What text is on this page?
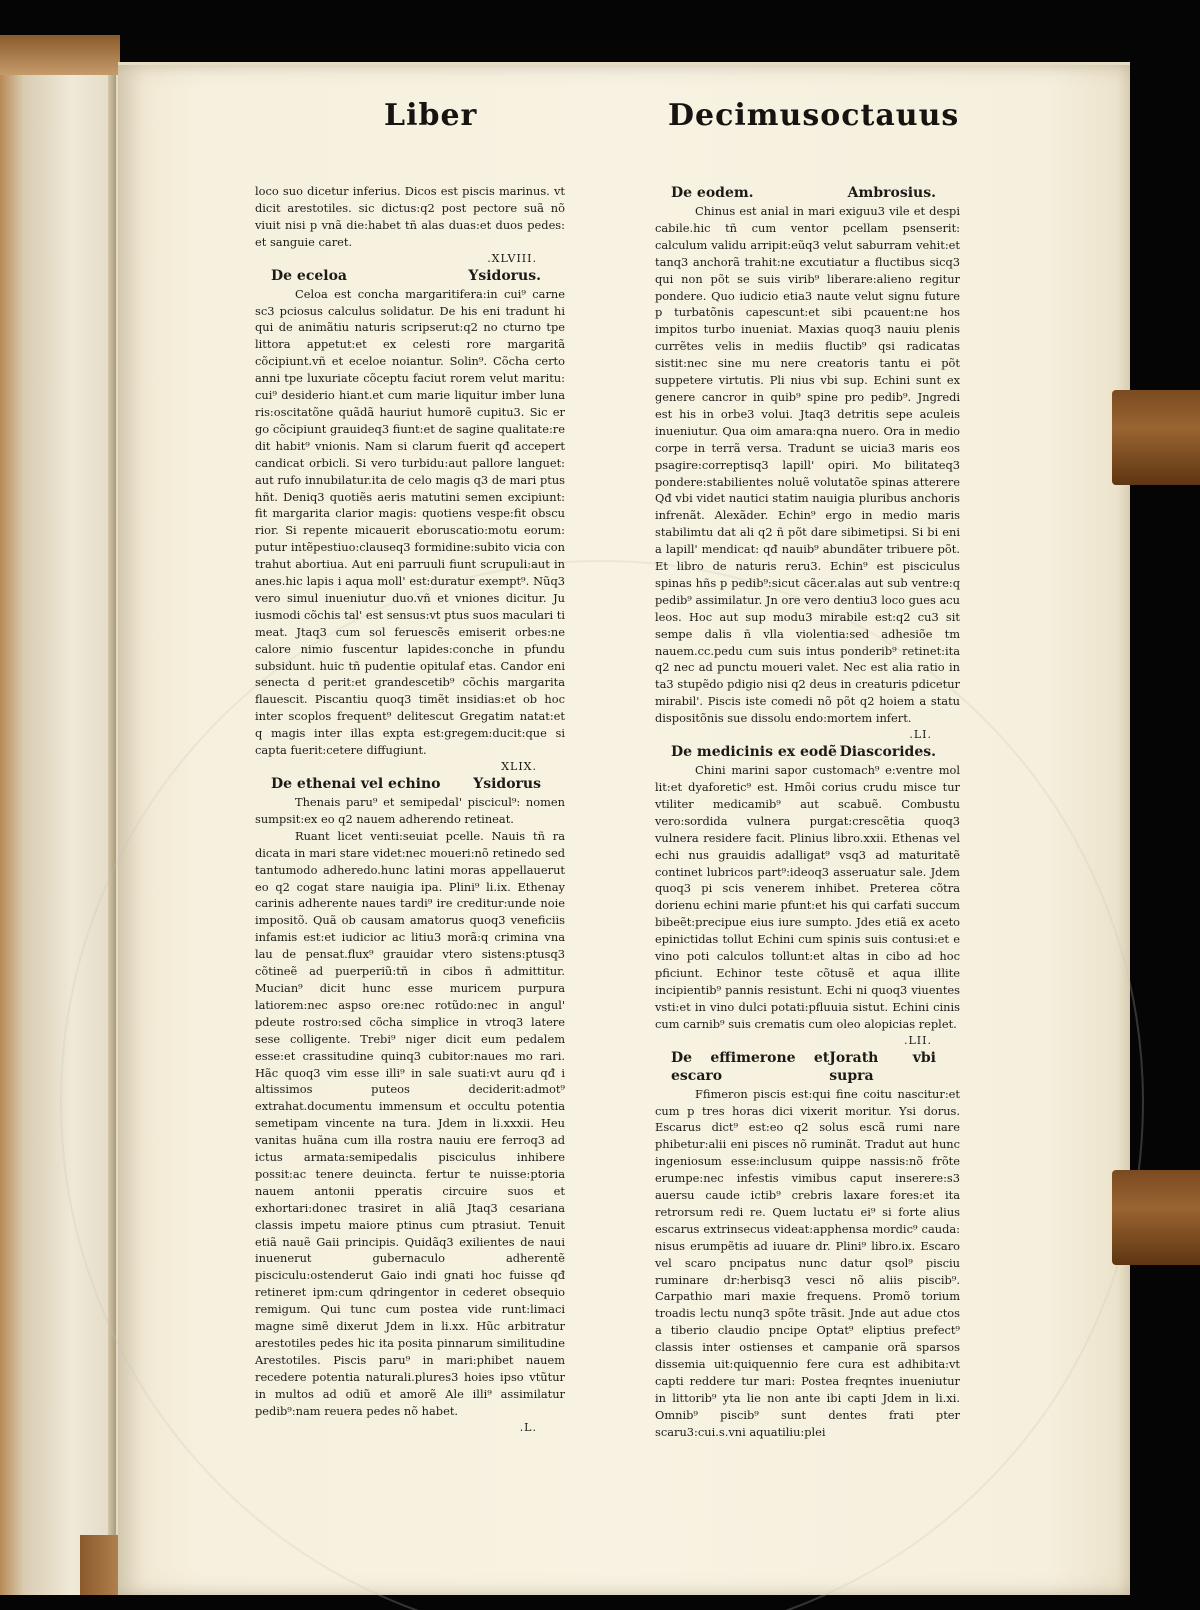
Liber	Decimusoctauus

loco suo dicetur inferius. Dicos est piscis marinus. vt dicit arestotiles. sic dictus:q2 post pectore suã nõ viuit nisi p vnã die:habet tñ alas duas:et duos pedes: et sanguie caret.

.XLVIII.
De eceloa	Ysidorus.

Celoa est concha margaritifera:in cui⁹ carne sc3 pciosus calculus solidatur. De his eni tradunt hi qui de animãtiu naturis scripserut:q2 no cturno tpe littora appetut:et ex celesti rore margaritã cõcipiunt.vñ et eceloe noiantur. Solin⁹. Cõcha certo anni tpe luxuriate cõceptu faciut rorem velut maritu: cui⁹ desiderio hiant.et cum marie liquitur imber luna ris:oscitatõne quãdã hauriut humorẽ cupitu3. Sic er go cõcipiunt grauideq3 fiunt:et de sagine qualitate:re dit habit⁹ vnionis. Nam si clarum fuerit qđ accepert candicat orbicli. Si vero turbidu:aut pallore languet: aut rufo innubilatur.ita de celo magis q3 de mari ptus hñt. Deniq3 quotiẽs aeris matutini semen excipiunt: fit margarita clarior magis: quotiens vespe:fit obscu rior. Si repente micauerit eboruscatio:motu eorum: putur intẽpestiuo:clauseq3 formidine:subito vicia con trahut abortiua. Aut eni parruuli fiunt scrupuli:aut in anes.hic lapis i aqua moll' est:duratur exempt⁹. Nũq3 vero simul inueniutur duo.vñ et vniones dicitur. Ju iusmodi cõchis tal' est sensus:vt ptus suos maculari ti meat. Jtaq3 cum sol feruescẽs emiserit orbes:ne calore nimio fuscentur lapides:conche in pfundu subsidunt. huic tñ pudentie opitulaf etas. Candor eni senecta d perit:et grandescetib⁹ cõchis margarita flauescit. Piscantiu quoq3 timẽt insidias:et ob hoc inter scoplos frequent⁹ delitescut Gregatim natat:et q magis inter illas expta est:gregem:ducit:que si capta fuerit:cetere diffugiunt.

XLIX.
De ethenai vel echino Ysidorus

Thenais paru⁹ et semipedal' piscicul⁹: nomen sumpsit:ex eo q2 nauem adherendo retineat.

Ruant licet venti:seuiat pcelle. Nauis tñ ra dicata in mari stare videt:nec moueri:nõ retinedo sed tantumodo adheredo.hunc latini moras appellauerut eo q2 cogat stare nauigia ipa. Plini⁹ li.ix. Ethenay carinis adherente naues tardi⁹ ire creditur:unde noie impositõ. Quã ob causam amatorus quoq3 veneficiis infamis est:et iudicior ac litiu3 morã:q crimina vna lau de pensat.flux⁹ grauidar vtero sistens:ptusq3 cõtineẽ ad puerperiũ:tñ in cibos ñ admittitur. Mucian⁹ dicit hunc esse muricem purpura latiorem:nec aspso ore:nec rotũdo:nec in angul' pdeute rostro:sed cõcha simplice in vtroq3 latere sese colligente. Trebi⁹ niger dicit eum pedalem esse:et crassitudine quinq3 cubitor:naues mo rari. Hãc quoq3 vim esse illi⁹ in sale suati:vt auru qđ i altissimos puteos deciderit:admot⁹ extrahat.documentu immensum et occultu potentia semetipam vincente na tura. Jdem in li.xxxii. Heu vanitas huãna cum illa rostra nauiu ere ferroq3 ad ictus armata:semipedalis pisciculus inhibere possit:ac tenere deuincta. fertur te nuisse:ptoria nauem antonii pperatis circuire suos et exhortari:donec trasiret in aliã Jtaq3 cesariana classis impetu maiore ptinus cum ptrasiut. Tenuit etiã nauẽ Gaii principis. Quidãq3 exilientes de naui inuenerut gubernaculo adherentẽ pisciculu:ostenderut Gaio indi gnati hoc fuisse qđ retineret ipm:cum qdringentor in cederet obsequio remigum. Qui tunc cum postea vide runt:limaci magne simẽ dixerut Jdem in li.xx. Hũc arbitratur arestotiles pedes hic ita posita pinnarum similitudine Arestotiles. Piscis paru⁹ in mari:phibet nauem recedere potentia naturali.plures3 hoies ipso vtũtur in multos ad odiũ et amorẽ Ale illi⁹ assimilatur pedib⁹:nam reuera pedes nõ habet.

.L.
De eodem.	Ambrosius.

Chinus est anial in mari exiguu3 vile et despi cabile.hic tñ cum ventor pcellam psenserit: calculum validu arripit:eũq3 velut saburram vehit:et tanq3 anchorã trahit:ne excutiatur a fluctibus sicq3 qui non põt se suis virib⁹ liberare:alieno regitur pondere. Quo iudicio etia3 naute velut signu future p turbatõnis capescunt:et sibi pcauent:ne hos impitos turbo inueniat. Maxias quoq3 nauiu plenis currẽtes velis in mediis fluctib⁹ qsi radicatas sistit:nec sine mu nere creatoris tantu ei põt suppetere virtutis. Pli nius vbi sup. Echini sunt ex genere cancror in quib⁹ spine pro pedib⁹. Jngredi est his in orbe3 volui. Jtaq3 detritis sepe aculeis inueniutur. Qua oim amara:qna nuero. Ora in medio corpe in terrã versa. Tradunt se uicia3 maris eos psagire:correptisq3 lapill' opiri. Mo bilitateq3 pondere:stabilientes noluẽ volutatõe spinas atterere Qđ vbi videt nautici statim nauigia pluribus anchoris infrenãt. Alexãder. Echin⁹ ergo in medio maris stabilimtu dat ali q2 ñ põt dare sibimetipsi. Si bi eni a lapill' mendicat: qđ nauib⁹ abundãter tribuere põt. Et libro de naturis reru3. Echin⁹ est pisciculus spinas hñs p pedib⁹:sicut cãcer.alas aut sub ventre:q pedib⁹ assimilatur. Jn ore vero dentiu3 loco gues acu leos. Hoc aut sup modu3 mirabile est:q2 cu3 sit sempe dalis ñ vlla violentia:sed adhesiõe tm nauem.cc.pedu cum suis intus ponderib⁹ retinet:ita q2 nec ad punctu moueri valet. Nec est alia ratio in ta3 stupẽdo pdigio nisi q2 deus in creaturis pdicetur mirabil'. Piscis iste comedi nõ põt q2 hoiem a statu dispositõnis sue dissolu endo:mortem infert.

.LI.
De medicinis ex eodẽ Diascorides.

Chini marini sapor customach⁹ e:ventre mol lit:et dyaforetic⁹ est. Hmõi corius crudu misce tur vtiliter medicamib⁹ aut scabuẽ. Combustu vero:sordida vulnera purgat:crescẽtia quoq3 vulnera residere facit. Plinius libro.xxii. Ethenas vel echi nus grauidis adalligat⁹ vsq3 ad maturitatẽ continet lubricos part⁹:ideoq3 asseruatur sale. Jdem quoq3 pi scis venerem inhibet. Preterea cõtra dorienu echini marie pfunt:et his qui carfati succum bibeẽt:precipue eius iure sumpto. Jdes etiã ex aceto epinictidas tollut Echini cum spinis suis contusi:et e vino poti calculos tollunt:et altas in cibo ad hoc pficiunt. Echinor teste cõtusẽ et aqua illite incipientib⁹ pannis resistunt. Echi ni quoq3 viuentes vsti:et in vino dulci potati:pfluuia sistut. Echini cinis cum carnib⁹ suis crematis cum oleo alopicias replet.

.LII.
De effimerone et escaro
Jorath vbi supra

Ffimeron piscis est:qui fine coitu nascitur:et cum p tres horas dici vixerit moritur. Ysi dorus. Escarus dict⁹ est:eo q2 solus escã rumi nare phibetur:alii eni pisces nõ ruminãt. Tradut aut hunc ingeniosum esse:inclusum quippe nassis:nõ frõte erumpe:nec infestis vimibus caput inserere:s3 auersu caude ictib⁹ crebris laxare fores:et ita retrorsum redi re. Quem luctatu ei⁹ si forte alius escarus extrinsecus videat:apphensa mordic⁹ cauda: nisus erumpẽtis ad iuuare dr. Plini⁹ libro.ix. Escaro vel scaro pncipatus nunc datur qsol⁹ pisciu ruminare dr:herbisq3 vesci nõ aliis piscib⁹. Carpathio mari maxie frequens. Promõ torium troadis lectu nunq3 spõte trãsit. Jnde aut adue ctos a tiberio claudio pncipe Optat⁹ eliptius prefect⁹ classis inter ostienses et campanie orã sparsos dissemia uit:quiquennio fere cura est adhibita:vt capti reddere tur mari: Postea freqntes inueniutur in littorib⁹ yta lie non ante ibi capti Jdem in li.xi. Omnib⁹ piscib⁹ sunt dentes frati pter scaru3:cui.s.vni aquatiliu:plei
